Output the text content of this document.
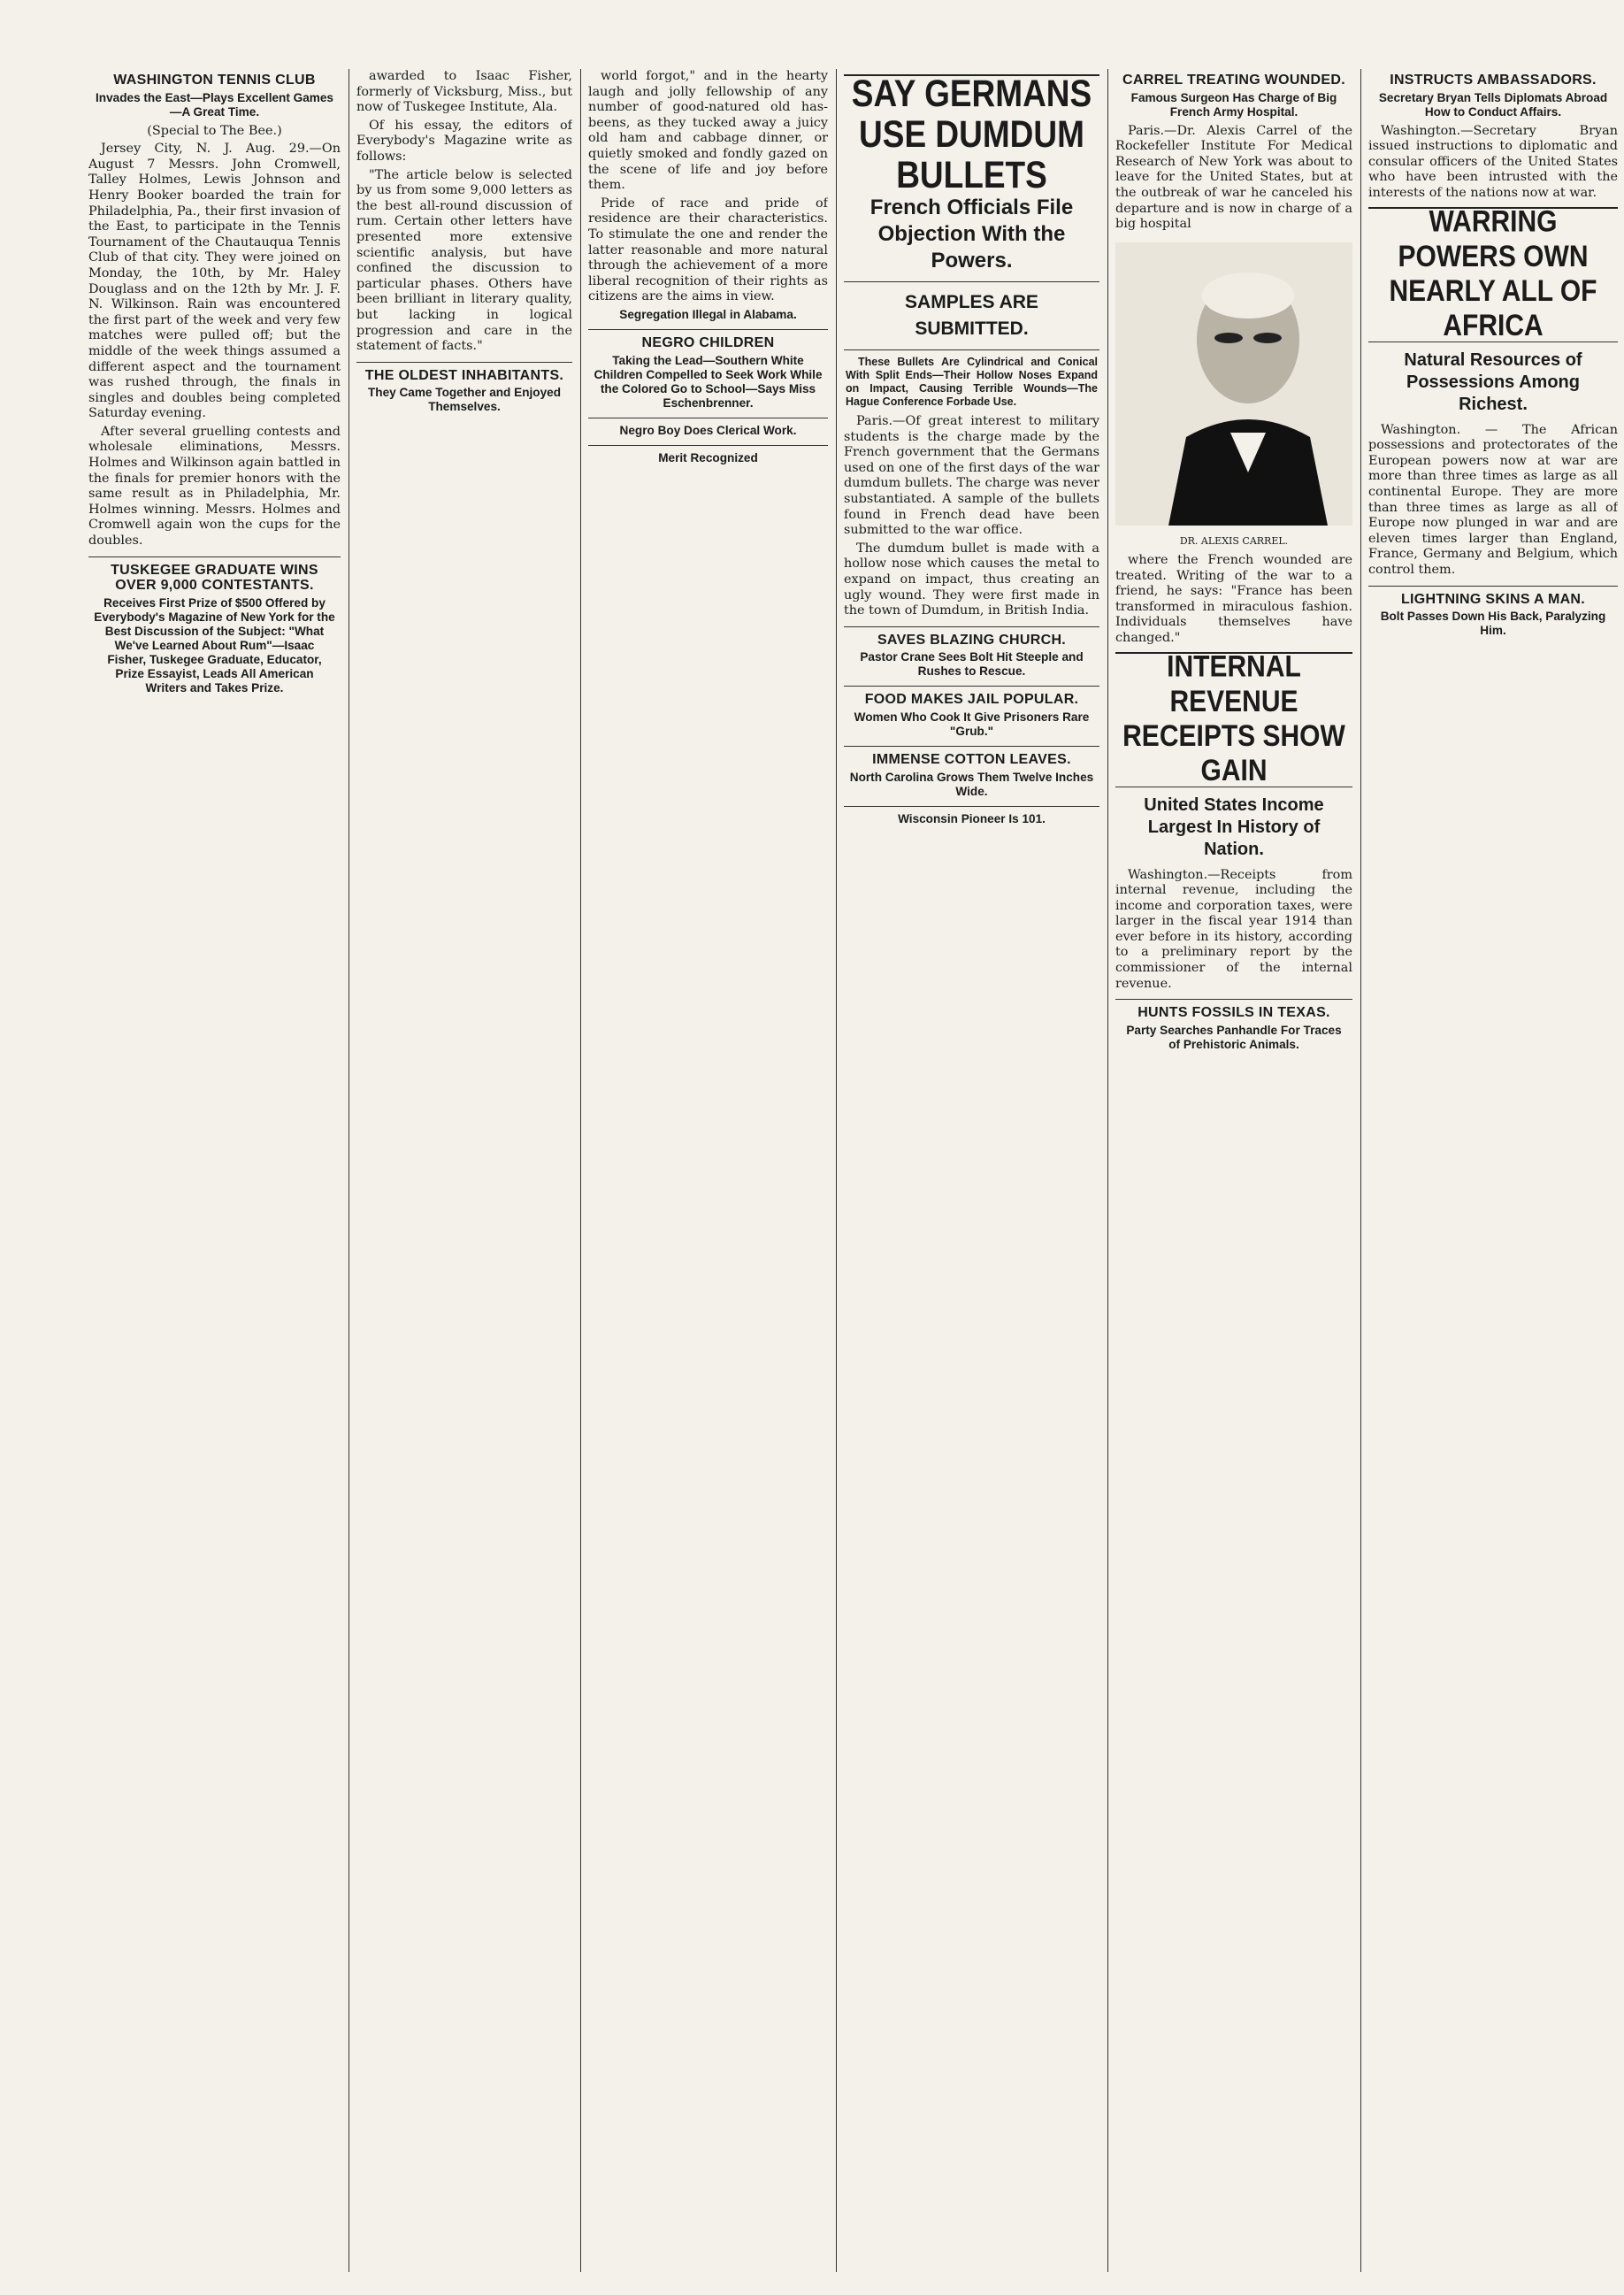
WASHINGTON TENNIS CLUB
Invades the East—Plays Excellent Games—A Great Time.

(Special to The Bee.)

Jersey City, N. J. Aug. 29.—On August 7 Messrs. John Cromwell, Talley Holmes, Lewis Johnson and Henry Booker boarded the train for Philadelphia, Pa., their first invasion of the East, to participate in the Tennis Tournament of the Chautauqua Tennis Club of that city. They were joined on Monday, the 10th, by Mr. Haley Douglass and on the 12th by Mr. J. F. N. Wilkinson. Rain was encountered the first part of the week and very few matches were pulled off; but the middle of the week things assumed a different aspect and the tournament was rushed through, the finals in singles and doubles being completed Saturday evening.

After several gruelling contests and wholesale eliminations, Messrs. Holmes and Wilkinson again battled in the finals for premier honors with the same result as in Philadelphia, Mr. Holmes winning. Messrs. Holmes and Cromwell again won the cups for the doubles.

TUSKEGEE GRADUATE WINS OVER 9,000 CONTESTANTS.
Receives First Prize of $500 Offered by Everybody's Magazine of New York for the Best Discussion of the Subject: "What We've Learned About Rum"—Isaac Fisher, Tuskegee Graduate, Educator, Prize Essayist, Leads All American Writers and Takes Prize.

awarded to Isaac Fisher, formerly of Vicksburg, Miss., but now of Tuskegee Institute, Ala.

Of his essay, the editors of Everybody's Magazine write as follows:

"The article below is selected by us from some 9,000 letters as the best all-round discussion of rum. Certain other letters have presented more extensive scientific analysis, but have confined the discussion to particular phases. Others have been brilliant in literary quality, but lacking in logical progression and care in the statement of facts."

THE OLDEST INHABITANTS.
They Came Together and Enjoyed Themselves.

world forgot," and in the hearty laugh and jolly fellowship of any number of good-natured old has-beens, as they tucked away a juicy old ham and cabbage dinner, or quietly smoked and fondly gazed on the scene of life and joy before them.

Pride of race and pride of residence are their characteristics. To stimulate the one and render the latter reasonable and more natural through the achievement of a more liberal recognition of their rights as citizens are the aims in view.

Segregation Illegal in Alabama.
NEGRO CHILDREN
Taking the Lead—Southern White Children Compelled to Seek Work While the Colored Go to School—Says Miss Eschenbrenner.
Negro Boy Does Clerical Work.
Merit Recognized
SAY GERMANS USE DUMDUM BULLETS
French Officials File Objection With the Powers.
SAMPLES ARE SUBMITTED.

These Bullets Are Cylindrical and Conical With Split Ends—Their Hollow Noses Expand on Impact, Causing Terrible Wounds—The Hague Conference Forbade Use.

Paris.—Of great interest to military students is the charge made by the French government that the Germans used on one of the first days of the war dumdum bullets. The charge was never substantiated. A sample of the bullets found in French dead have been submitted to the war office.

The dumdum bullet is made with a hollow nose which causes the metal to expand on impact, thus creating an ugly wound. They were first made in the town of Dumdum, in British India.

SAVES BLAZING CHURCH.
Pastor Crane Sees Bolt Hit Steeple and Rushes to Rescue.
FOOD MAKES JAIL POPULAR.
Women Who Cook It Give Prisoners Rare "Grub."
IMMENSE COTTON LEAVES.
North Carolina Grows Them Twelve Inches Wide.
Wisconsin Pioneer Is 101.
CARREL TREATING WOUNDED.
Famous Surgeon Has Charge of Big French Army Hospital.

Paris.—Dr. Alexis Carrel of the Rockefeller Institute For Medical Research of New York was about to leave for the United States, but at the outbreak of war he canceled his departure and is now in charge of a big hospital

DR. ALEXIS CARREL.

where the French wounded are treated. Writing of the war to a friend, he says: "France has been transformed in miraculous fashion. Individuals themselves have changed."

INTERNAL REVENUE RECEIPTS SHOW GAIN
United States Income Largest In History of Nation.

Washington.—Receipts from internal revenue, including the income and corporation taxes, were larger in the fiscal year 1914 than ever before in its history, according to a preliminary report by the commissioner of the internal revenue.

HUNTS FOSSILS IN TEXAS.
Party Searches Panhandle For Traces of Prehistoric Animals.
INSTRUCTS AMBASSADORS.
Secretary Bryan Tells Diplomats Abroad How to Conduct Affairs.

Washington.—Secretary Bryan issued instructions to diplomatic and consular officers of the United States who have been intrusted with the interests of the nations now at war.

WARRING POWERS OWN NEARLY ALL OF AFRICA
Natural Resources of Possessions Among Richest.

Washington. — The African possessions and protectorates of the European powers now at war are more than three times as large as all continental Europe. They are more than three times as large as all of Europe now plunged in war and are eleven times larger than England, France, Germany and Belgium, which control them.

LIGHTNING SKINS A MAN.
Bolt Passes Down His Back, Paralyzing Him.
